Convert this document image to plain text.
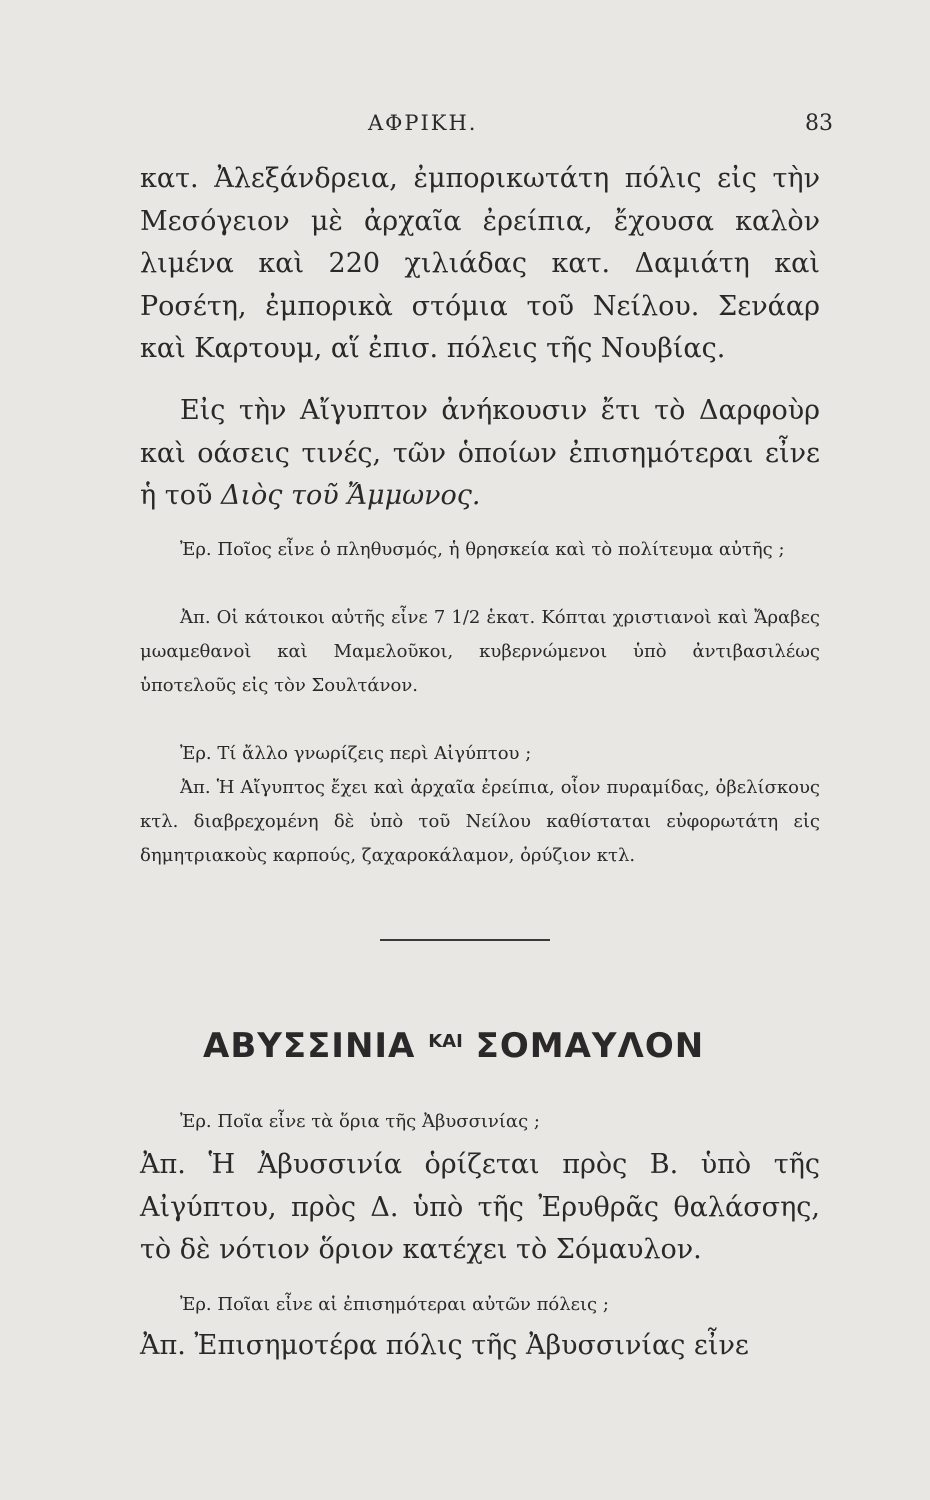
ΑΦΡΙΚΗ.	83

κατ. Ἀλεξάνδρεια, ἐμπορικωτάτη πόλις εἰς τὴν Μεσόγειον μὲ ἀρχαῖα ἐρείπια, ἔχουσα καλὸν λιμένα καὶ 220 χιλιάδας κατ. Δαμιάτη καὶ Ροσέτη, ἐμπορικὰ στόμια τοῦ Νείλου. Σενάαρ καὶ Καρτουμ, αἵ ἐπισ. πόλεις τῆς Νουβίας.

Εἰς τὴν Αἴγυπτον ἀνήκουσιν ἔτι τὸ Δαρφοὺρ καὶ οάσεις τινές, τῶν ὁποίων ἐπισημότεραι εἶνε ἡ τοῦ Διὸς τοῦ Ἄμμωνος.

Ἐρ. Ποῖος εἶνε ὁ πληθυσμός, ἡ θρησκεία καὶ τὸ πολίτευμα αὐτῆς ;

Ἀπ. Οἱ κάτοικοι αὐτῆς εἶνε 7 1/2 ἑκατ. Κόπται χριστιανοὶ καὶ Ἄραβες μωαμεθανοὶ καὶ Μαμελοῦκοι, κυβερνώμενοι ὑπὸ ἀντιβασιλέως ὑποτελοῦς εἰς τὸν Σουλτάνον.

Ἐρ. Τί ἄλλο γνωρίζεις περὶ Αἰγύπτου ;

Ἀπ. Ἡ Αἴγυπτος ἔχει καὶ ἀρχαῖα ἐρείπια, οἷον πυραμίδας, ὀβελίσκους κτλ. διαβρεχομένη δὲ ὑπὸ τοῦ Νείλου καθίσταται εὐφορωτάτη εἰς δημητριακοὺς καρπούς, ζαχαροκάλαμον, ὀρύζιον κτλ.

ΑΒΥΣΣΙΝΙΑ $^{KAI}$ ΣΟΜΑΥΛΟΝ

Ἐρ. Ποῖα εἶνε τὰ ὅρια τῆς Ἀβυσσινίας ;

Ἀπ. Ἡ Ἀβυσσινία ὁρίζεται πρὸς Β. ὑπὸ τῆς Αἰγύπτου, πρὸς Δ. ὑπὸ τῆς Ἐρυθρᾶς θαλάσσης, τὸ δὲ νότιον ὅριον κατέχει τὸ Σόμαυλον.

Ἐρ. Ποῖαι εἶνε αἱ ἐπισημότεραι αὐτῶν πόλεις ;

Ἀπ. Ἐπισημοτέρα πόλις τῆς Ἀβυσσινίας εἶνε
